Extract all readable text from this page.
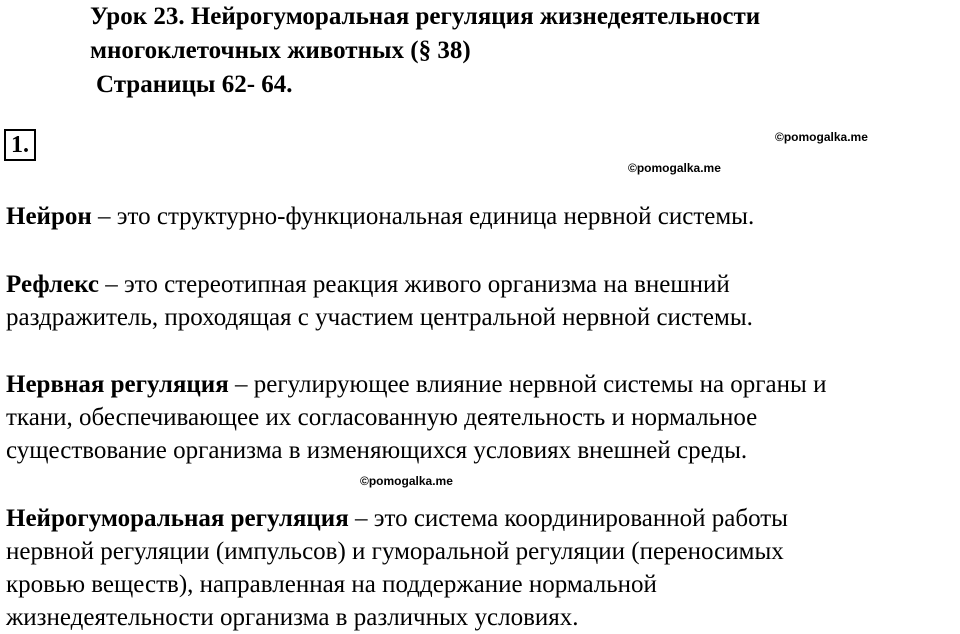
Урок 23. Нейрогуморальная регуляция жизнедеятельности
многоклеточных животных (§ 38)
Страницы 62- 64.
1.	©pomogalka.me
©pomogalka.me
©pomogalka.me

Нейрон – это структурно-функциональная единица нервной системы.

Рефлекс – это стереотипная реакция живого организма на внешний
раздражитель, проходящая с участием центральной нервной системы.

Нервная регуляция – регулирующее влияние нервной системы на органы и
ткани, обеспечивающее их согласованную деятельность и нормальное
существование организма в изменяющихся условиях внешней среды.

Нейрогуморальная регуляция – это система координированной работы
нервной регуляции (импульсов) и гуморальной регуляции (переносимых
кровью веществ), направленная на поддержание нормальной
жизнедеятельности организма в различных условиях.
